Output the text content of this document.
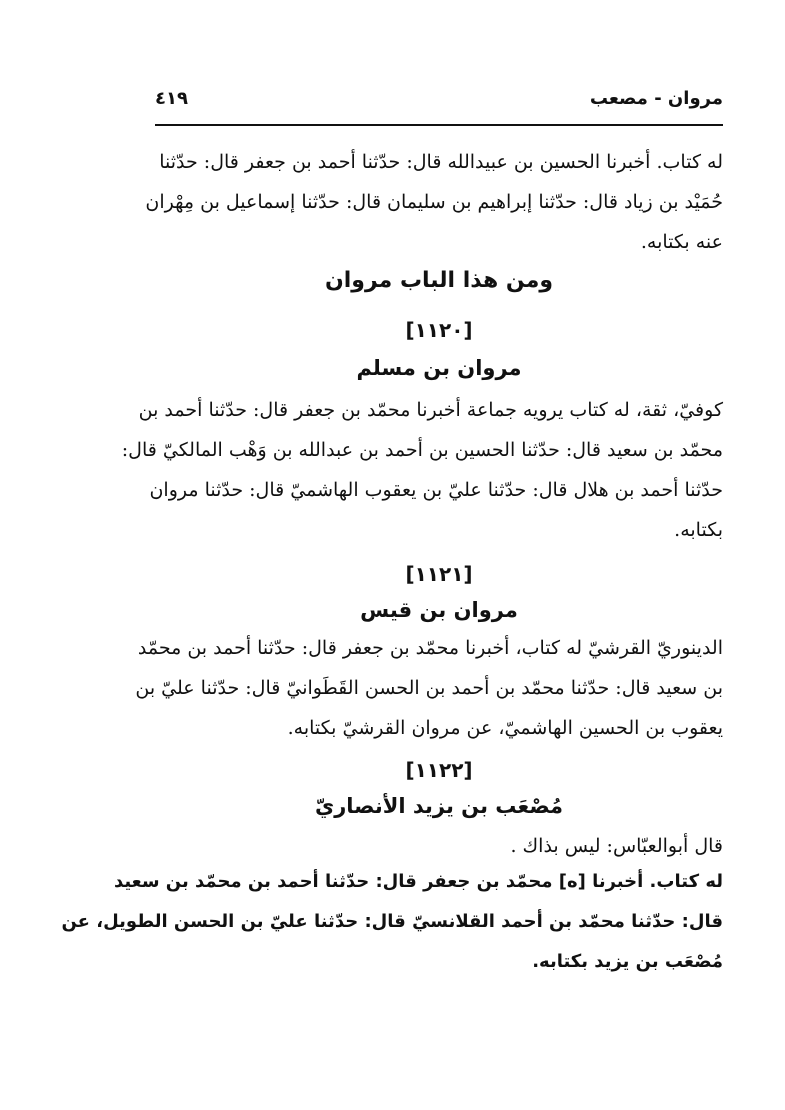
مروان - مصعب
٤١٩
له كتاب. أخبرنا الحسين بن عبيدالله قال: حدّثنا أحمد بن جعفر قال: حدّثنا
حُمَيْد بن زياد قال: حدّثنا إبراهيم بن سليمان قال: حدّثنا إسماعيل بن مِهْران
عنه بكتابه.
ومن هذا الباب مروان
[١١٢٠]
مروان بن مسلم
كوفيّ، ثقة، له كتاب يرويه جماعة أخبرنا محمّد بن جعفر قال: حدّثنا أحمد بن
محمّد بن سعيد قال: حدّثنا الحسين بن أحمد بن عبدالله بن وَهْب المالكيّ قال:
حدّثنا أحمد بن هلال قال: حدّثنا عليّ بن يعقوب الهاشميّ قال: حدّثنا مروان
بكتابه.
[١١٢١]
مروان بن قيس
الدينوريّ القرشيّ له كتاب، أخبرنا محمّد بن جعفر قال: حدّثنا أحمد بن محمّد
بن سعيد قال: حدّثنا محمّد بن أحمد بن الحسن القَطَوانيّ قال: حدّثنا عليّ بن
يعقوب بن الحسين الهاشميّ، عن مروان القرشيّ بكتابه.
[١١٢٢]
مُصْعَب بن يزيد الأنصاريّ
قال أبوالعبّاس: ليس بذاك .
له كتاب. أخبرنا [ه] محمّد بن جعفر قال: حدّثنا أحمد بن محمّد بن سعيد
قال: حدّثنا محمّد بن أحمد القلانسيّ قال: حدّثنا عليّ بن الحسن الطويل، عن
مُصْعَب بن يزيد بكتابه.
